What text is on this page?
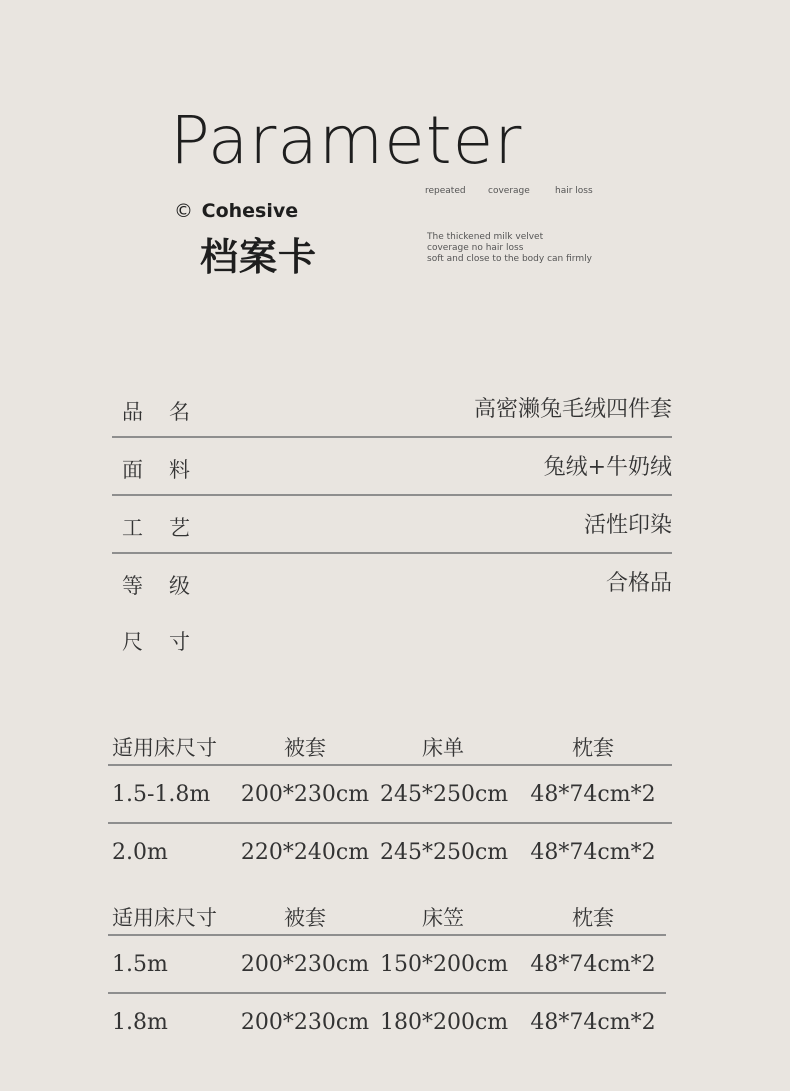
Parameter
© Cohesive
档案卡
repeated coverage	hair loss
The thickened milk velvet
coverage no hair loss
soft and close to the body can firmly
品名	高密濑兔毛绒四件套
面料	兔绒+牛奶绒
工艺	活性印染
等级	合格品
尺寸
适用床尺寸	被套	床单	枕套
1.5-1.8m	200*230cm 245*250cm 48*74cm*2
2.0m	220*240cm 245*250cm 48*74cm*2
适用床尺寸	被套	床笠	枕套
1.5m	200*230cm 150*200cm 48*74cm*2
1.8m	200*230cm 180*200cm 48*74cm*2
